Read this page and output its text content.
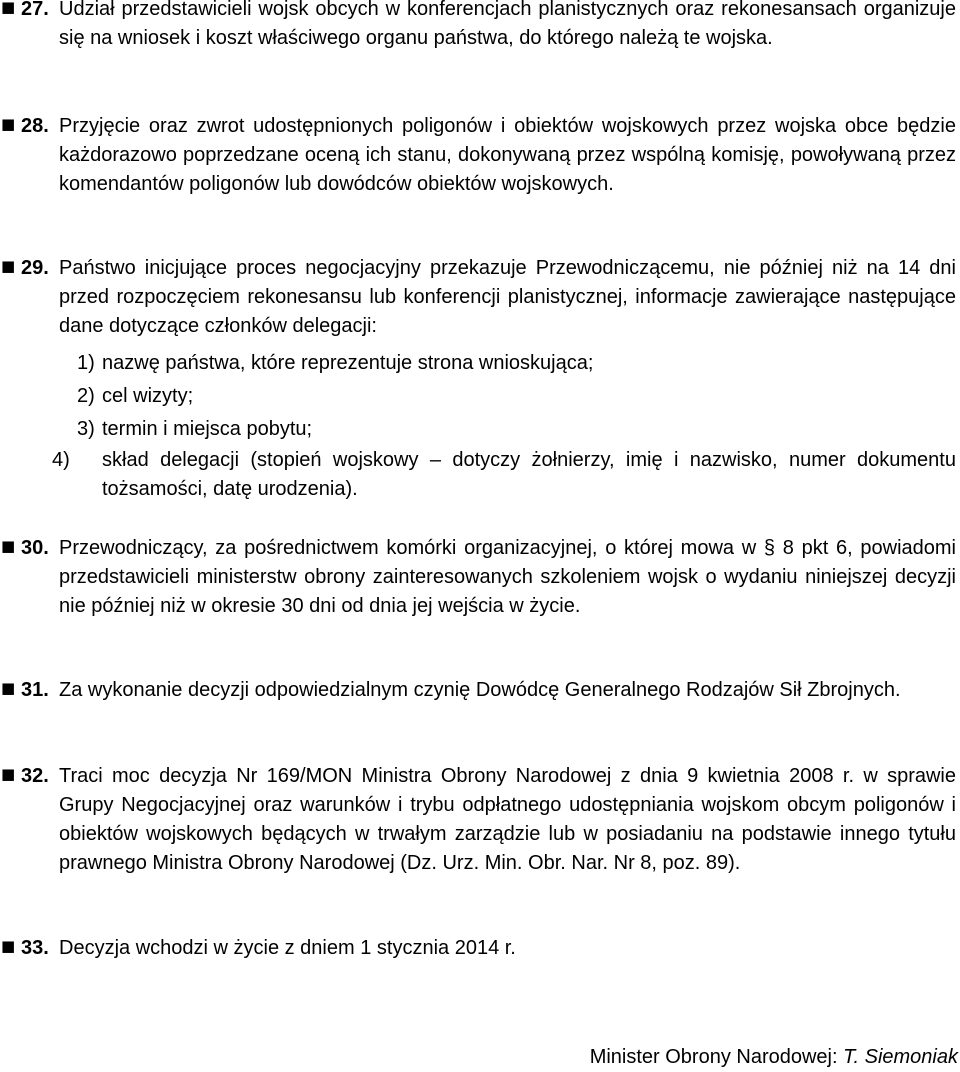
■ 27. Udział przedstawicieli wojsk obcych w konferencjach planistycznych oraz rekonesansach organizuje się na wniosek i koszt właściwego organu państwa, do którego należą te wojska.

■ 28. Przyjęcie oraz zwrot udostępnionych poligonów i obiektów wojskowych przez wojska obce będzie każdorazowo poprzedzane oceną ich stanu, dokonywaną przez wspólną komisję, powoływaną przez komendantów poligonów lub dowódców obiektów wojskowych.

■ 29. Państwo inicjujące proces negocjacyjny przekazuje Przewodniczącemu, nie później niż na 14 dni przed rozpoczęciem rekonesansu lub konferencji planistycznej, informacje zawierające następujące dane dotyczące członków delegacji:

1) nazwę państwa, które reprezentuje strona wnioskująca;

2) cel wizyty;

3) termin i miejsca pobytu;

4) skład delegacji (stopień wojskowy – dotyczy żołnierzy, imię i nazwisko, numer dokumentu tożsamości, datę urodzenia).

■ 30. Przewodniczący, za pośrednictwem komórki organizacyjnej, o której mowa w § 8 pkt 6, powiadomi przedstawicieli ministerstw obrony zainteresowanych szkoleniem wojsk o wydaniu niniejszej decyzji nie później niż w okresie 30 dni od dnia jej wejścia w życie.

■ 31. Za wykonanie decyzji odpowiedzialnym czynię Dowódcę Generalnego Rodzajów Sił Zbrojnych.

■ 32. Traci moc decyzja Nr 169/MON Ministra Obrony Narodowej z dnia 9 kwietnia 2008 r. w sprawie Grupy Negocjacyjnej oraz warunków i trybu odpłatnego udostępniania wojskom obcym poligonów i obiektów wojskowych będących w trwałym zarządzie lub w posiadaniu na podstawie innego tytułu prawnego Ministra Obrony Narodowej (Dz. Urz. Min. Obr. Nar. Nr 8, poz. 89).

■ 33. Decyzja wchodzi w życie z dniem 1 stycznia 2014 r.

Minister Obrony Narodowej: T. Siemoniak
